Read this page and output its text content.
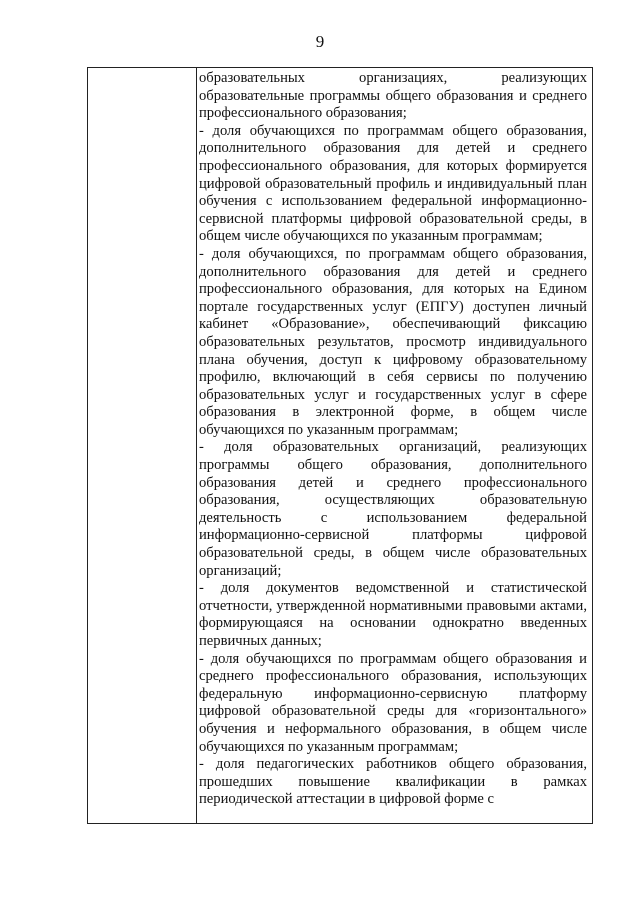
9

образовательных организациях, реализующих образовательные программы общего образования и среднего профессионального образования;

- доля обучающихся по программам общего образования, дополнительного образования для детей и среднего профессионального образования, для которых формируется цифровой образовательный профиль и индивидуальный план обучения с использованием федеральной информационно-сервисной платформы цифровой образовательной среды, в общем числе обучающихся по указанным программам;

- доля обучающихся, по программам общего образования, дополнительного образования для детей и среднего профессионального образования, для которых на Едином портале государственных услуг (ЕПГУ) доступен личный кабинет «Образование», обеспечивающий фиксацию образовательных результатов, просмотр индивидуального плана обучения, доступ к цифровому образовательному профилю, включающий в себя сервисы по получению образовательных услуг и государственных услуг в сфере образования в электронной форме, в общем числе обучающихся по указанным программам;

- доля образовательных организаций, реализующих программы общего образования, дополнительного образования детей и среднего профессионального образования, осуществляющих образовательную деятельность с использованием федеральной информационно-сервисной платформы цифровой образовательной среды, в общем числе образовательных организаций;

- доля документов ведомственной и статистической отчетности, утвержденной нормативными правовыми актами, формирующаяся на основании однократно введенных первичных данных;

- доля обучающихся по программам общего образования и среднего профессионального образования, использующих федеральную информационно-сервисную платформу цифровой образовательной среды для «горизонтального» обучения и неформального образования, в общем числе обучающихся по указанным программам;

- доля педагогических работников общего образования, прошедших повышение квалификации в рамках периодической аттестации в цифровой форме с
